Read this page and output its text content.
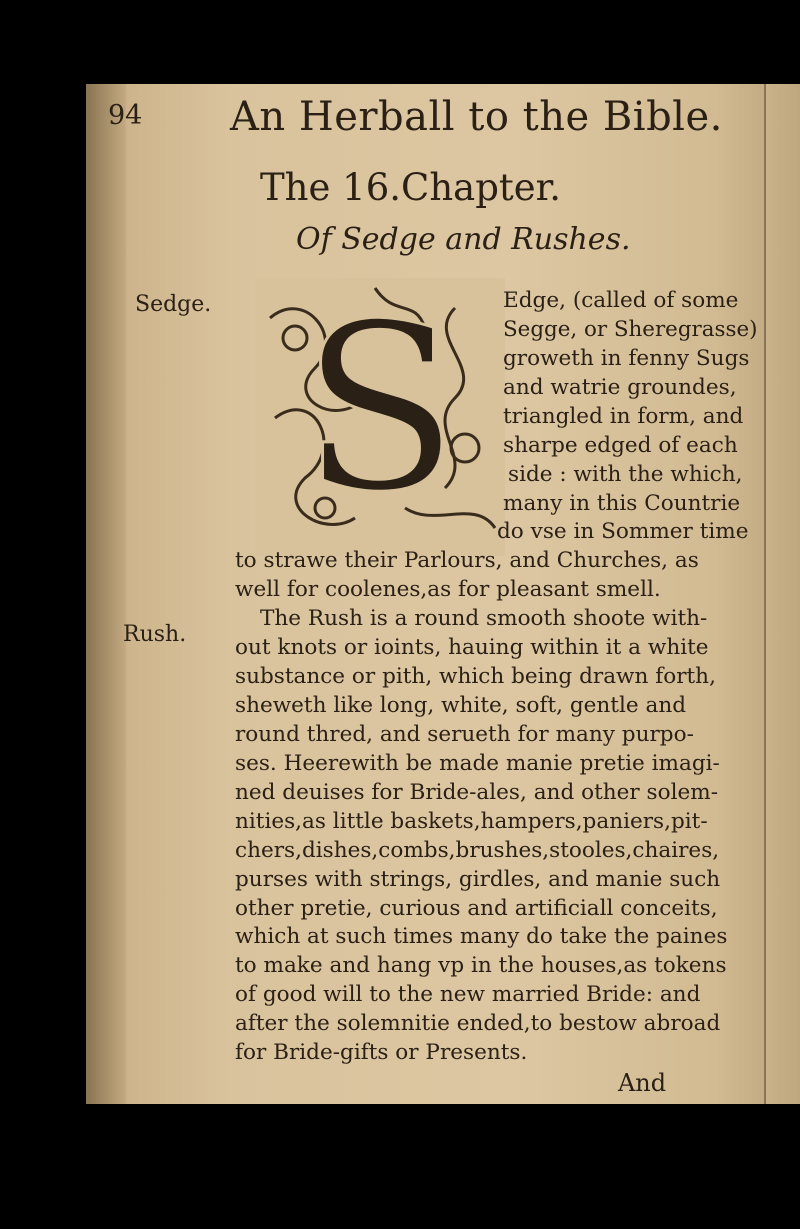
94 An Herball to the Bible.
The 16.Chapter.
Of Sedge and Rushes.
Sedge.
Rush.
S Edge, (called of some
Segge, or Sheregrasse)
groweth in fenny Sugs
and watrie groundes,
triangled in form, and
sharpe edged of each
side : with the which,
many in this Countrie
do vse in Sommer time
to strawe their Parlours, and Churches, as
well for coolenes,as for pleasant smell.
The Rush is a round smooth shoote with-
out knots or ioints, hauing within it a white
substance or pith, which being drawn forth,
sheweth like long, white, soft, gentle and
round thred, and serueth for many purpo-
ses. Heerewith be made manie pretie imagi-
ned deuises for Bride-ales, and other solem-
nities,as little baskets,hampers,paniers,pit-
chers,dishes,combs,brushes,stooles,chaires,
purses with strings, girdles, and manie such
other pretie, curious and artificiall conceits,
which at such times many do take the paines
to make and hang vp in the houses,as tokens
of good will to the new married Bride: and
after the solemnitie ended,to bestow abroad
for Bride-gifts or Presents.
And
